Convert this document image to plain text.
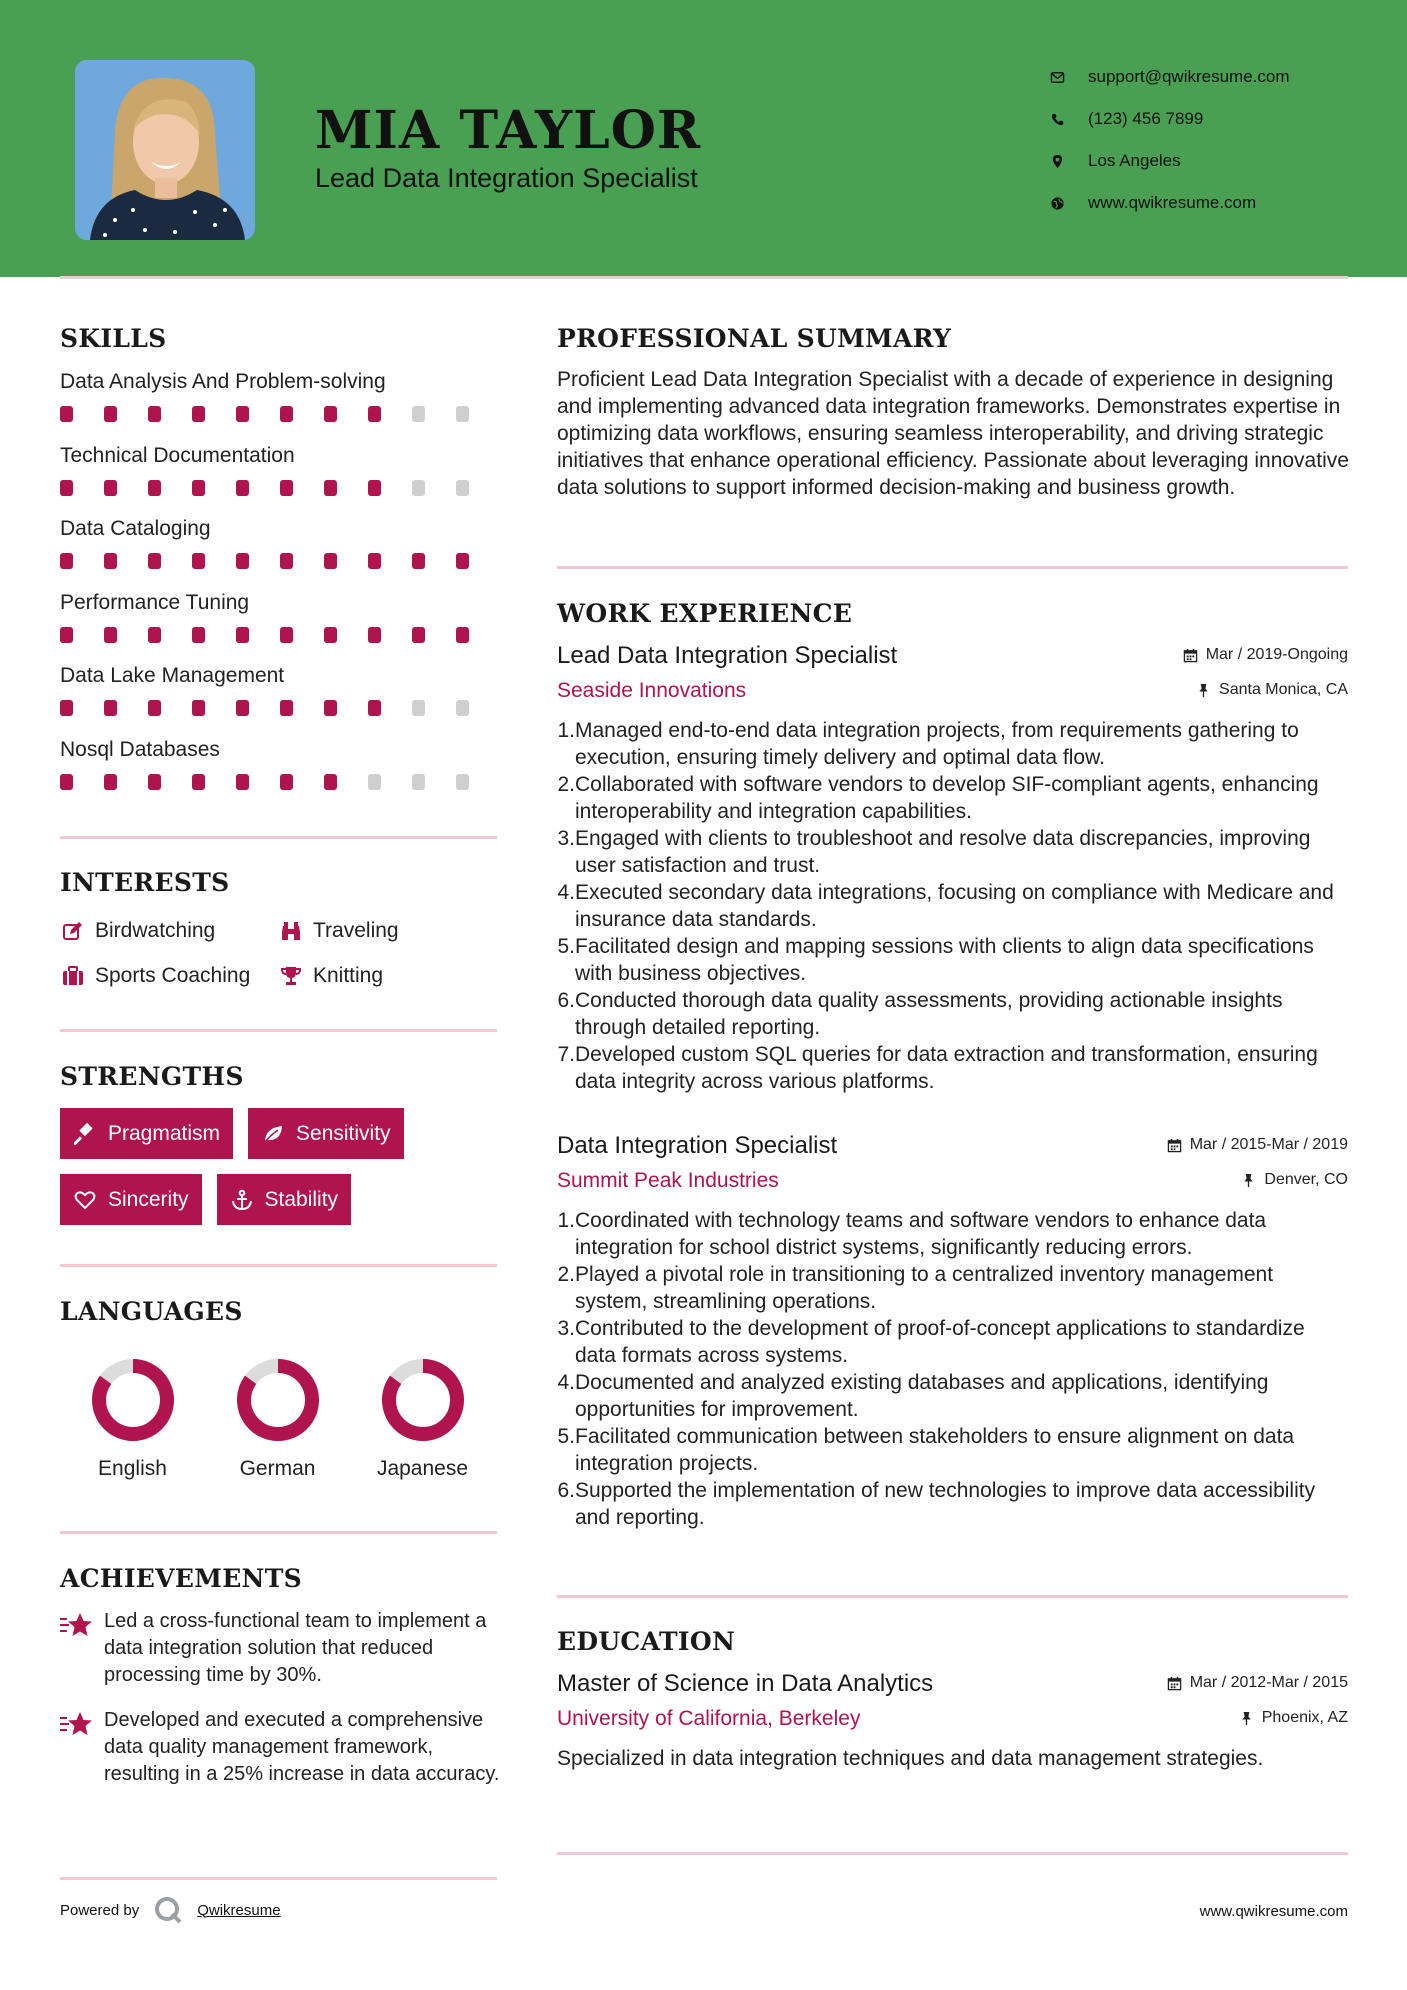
MIA TAYLOR
Lead Data Integration Specialist
support@qwikresume.com
(123) 456 7899
Los Angeles
www.qwikresume.com
SKILLS
Data Analysis And Problem-solving
Technical Documentation
Data Cataloging
Performance Tuning
Data Lake Management
Nosql Databases
INTERESTS
Birdwatching	Traveling
Sports Coaching	Knitting
STRENGTHS
Pragmatism	Sensitivity
Sincerity	Stability
LANGUAGES
English	German	Japanese
ACHIEVEMENTS
Led a cross-functional team to implement a data integration solution that reduced processing time by 30%.
Developed and executed a comprehensive data quality management framework, resulting in a 25% increase in data accuracy.
Powered by	Qwikresume	www.qwikresume.com
PROFESSIONAL SUMMARY
Proficient Lead Data Integration Specialist with a decade of experience in designing and implementing advanced data integration frameworks. Demonstrates expertise in optimizing data workflows, ensuring seamless interoperability, and driving strategic initiatives that enhance operational efficiency. Passionate about leveraging innovative data solutions to support informed decision-making and business growth.
WORK EXPERIENCE
Lead Data Integration Specialist	Mar / 2019-Ongoing
Seaside Innovations	Santa Monica, CA
1. Managed end-to-end data integration projects, from requirements gathering to execution, ensuring timely delivery and optimal data flow.
2. Collaborated with software vendors to develop SIF-compliant agents, enhancing interoperability and integration capabilities.
3. Engaged with clients to troubleshoot and resolve data discrepancies, improving user satisfaction and trust.
4. Executed secondary data integrations, focusing on compliance with Medicare and insurance data standards.
5. Facilitated design and mapping sessions with clients to align data specifications with business objectives.
6. Conducted thorough data quality assessments, providing actionable insights through detailed reporting.
7. Developed custom SQL queries for data extraction and transformation, ensuring data integrity across various platforms.
Data Integration Specialist	Mar / 2015-Mar / 2019
Summit Peak Industries	Denver, CO
1. Coordinated with technology teams and software vendors to enhance data integration for school district systems, significantly reducing errors.
2. Played a pivotal role in transitioning to a centralized inventory management system, streamlining operations.
3. Contributed to the development of proof-of-concept applications to standardize data formats across systems.
4. Documented and analyzed existing databases and applications, identifying opportunities for improvement.
5. Facilitated communication between stakeholders to ensure alignment on data integration projects.
6. Supported the implementation of new technologies to improve data accessibility and reporting.
EDUCATION
Master of Science in Data Analytics	Mar / 2012-Mar / 2015
University of California, Berkeley	Phoenix, AZ
Specialized in data integration techniques and data management strategies.
